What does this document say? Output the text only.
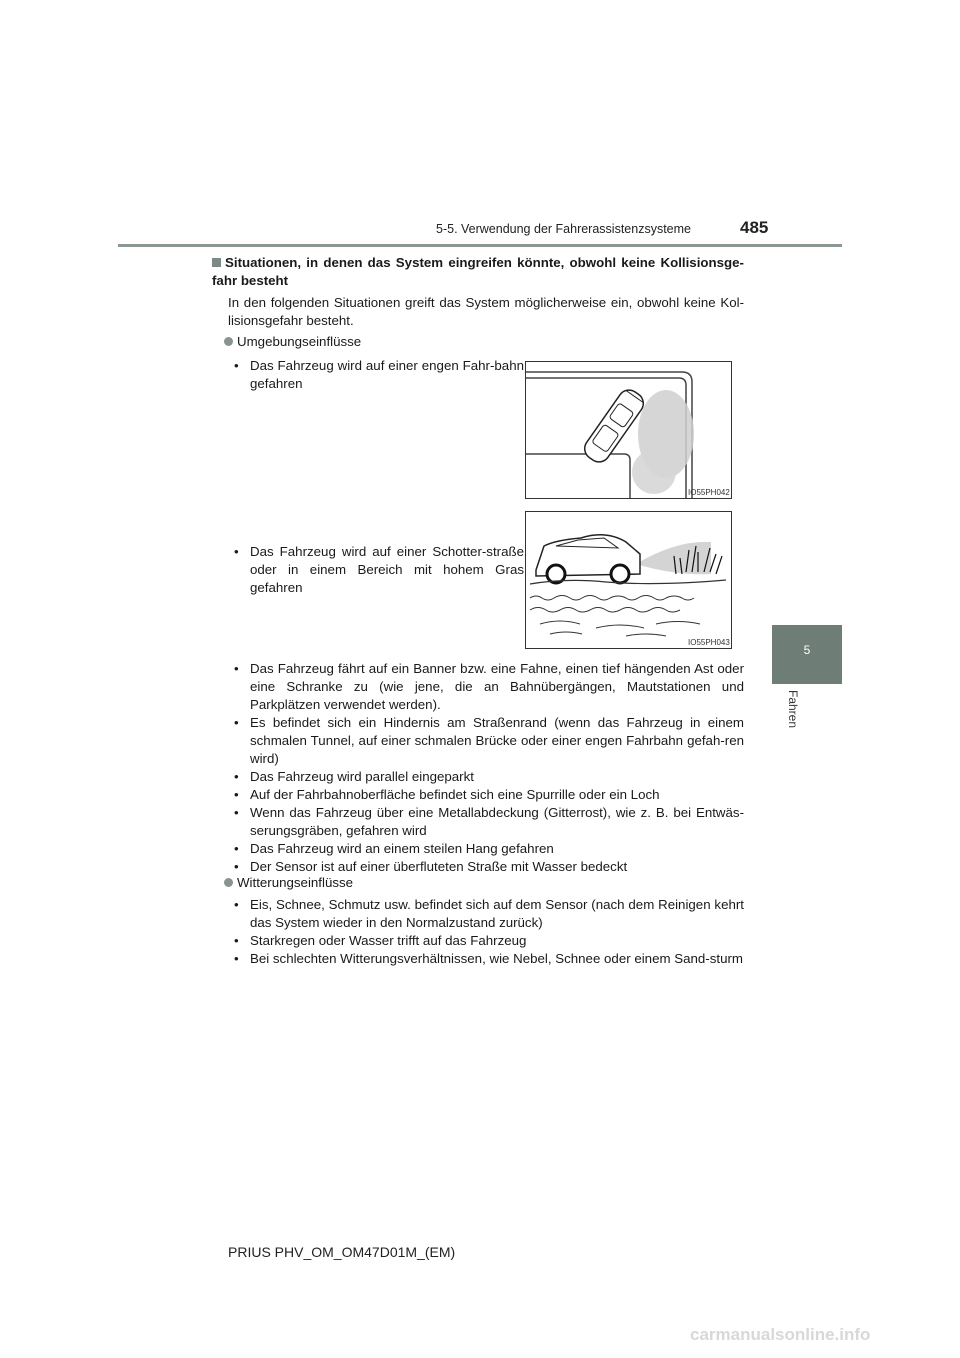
5-5. Verwendung der Fahrerassistenzsysteme	485
5
Fahren
Situationen, in denen das System eingreifen könnte, obwohl keine Kollisionsge-fahr besteht
In den folgenden Situationen greift das System möglicherweise ein, obwohl keine Kol-lisionsgefahr besteht.
Umgebungseinflüsse
• Das Fahrzeug wird auf einer engen Fahr-bahn gefahren
• Das Fahrzeug wird auf einer Schotter-straße oder in einem Bereich mit hohem Gras gefahren
IO55PH042
IO55PH043
• Das Fahrzeug fährt auf ein Banner bzw. eine Fahne, einen tief hängenden Ast oder eine Schranke zu (wie jene, die an Bahnübergängen, Mautstationen und Parkplätzen verwendet werden).
• Es befindet sich ein Hindernis am Straßenrand (wenn das Fahrzeug in einem schmalen Tunnel, auf einer schmalen Brücke oder einer engen Fahrbahn gefah-ren wird)
• Das Fahrzeug wird parallel eingeparkt
• Auf der Fahrbahnoberfläche befindet sich eine Spurrille oder ein Loch
• Wenn das Fahrzeug über eine Metallabdeckung (Gitterrost), wie z. B. bei Entwäs-serungsgräben, gefahren wird
• Das Fahrzeug wird an einem steilen Hang gefahren
• Der Sensor ist auf einer überfluteten Straße mit Wasser bedeckt
Witterungseinflüsse
• Eis, Schnee, Schmutz usw. befindet sich auf dem Sensor (nach dem Reinigen kehrt das System wieder in den Normalzustand zurück)
• Starkregen oder Wasser trifft auf das Fahrzeug
• Bei schlechten Witterungsverhältnissen, wie Nebel, Schnee oder einem Sand-sturm
PRIUS PHV_OM_OM47D01M_(EM)
carmanualsonline.info
